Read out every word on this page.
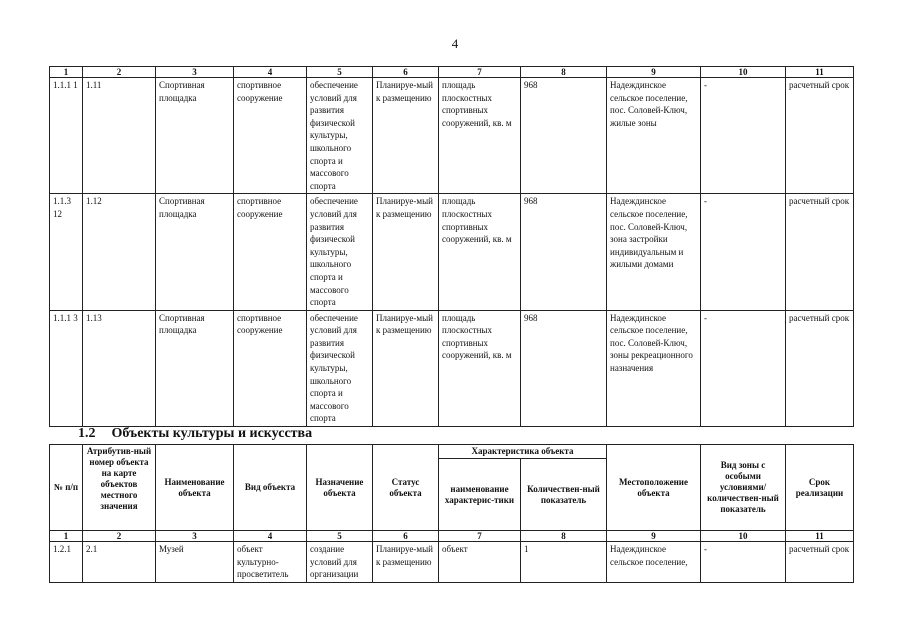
4
1	2	3	4	5	6	7	8	9	10	11
1.1.1 1	1.11	Спортивная площадка	спортивное сооружение	обеспечение условий для развития физической культуры, школьного спорта и массового спорта	Планируе-мый к размещению	площадь плоскостных спортивных сооружений, кв. м	968	Надеждинское сельское поселение, пос. Соловей-Ключ, жилые зоны	-	расчетный срок
1.1.3 12	1.12	Спортивная площадка	спортивное сооружение	обеспечение условий для развития физической культуры, школьного спорта и массового спорта	Планируе-мый к размещению	площадь плоскостных спортивных сооружений, кв. м	968	Надеждинское сельское поселение, пос. Соловей-Ключ, зона застройки индивидуальным и жилыми домами	-	расчетный срок
1.1.1 3	1.13	Спортивная площадка	спортивное сооружение	обеспечение условий для развития физической культуры, школьного спорта и массового спорта	Планируе-мый к размещению	площадь плоскостных спортивных сооружений, кв. м	968	Надеждинское сельское поселение, пос. Соловей-Ключ, зоны рекреационного назначения	-	расчетный срок
1.2 Объекты культуры и искусства
№ п/п	Атрибутив-ный номер объекта на карте объектов местного значения	Наименование объекта	Вид объекта	Назначение объекта	Статус объекта	Характеристика объекта		Местоположение объекта	Вид зоны с особыми условиями/ количествен-ный показатель	Срок реализации
						наименование характерис-тики	Количествен-ный показатель			
1	2	3	4	5	6	7	8	9	10	11
1.2.1	2.1	Музей	объект культурно-просветитель	создание условий для организации	Планируе-мый к размещению	объект	1	Надеждинское сельское поселение,	-	расчетный срок
